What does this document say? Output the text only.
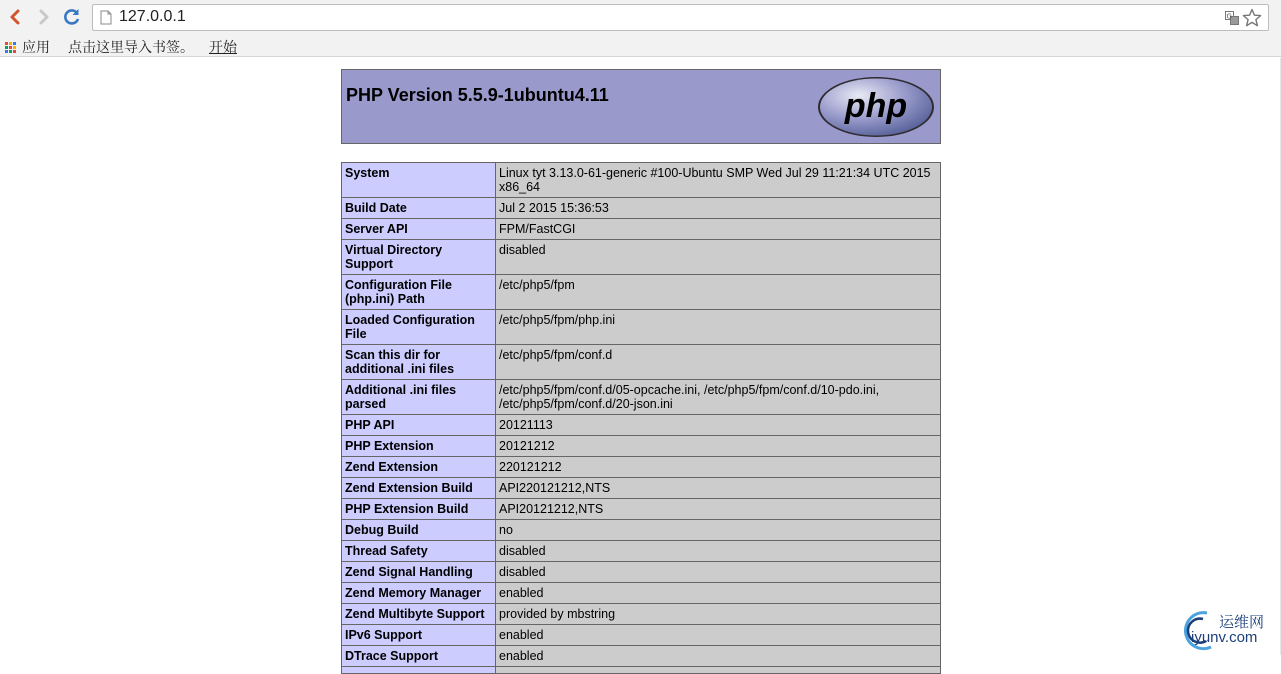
127.0.0.1	G
应用 点击这里导入书签。 开始
PHP Version 5.5.9-1ubuntu4.11	php
System	Linux tyt 3.13.0-61-generic #100-Ubuntu SMP Wed Jul 29 11:21:34 UTC 2015 x86_64
Build Date	Jul 2 2015 15:36:53
Server API	FPM/FastCGI
Virtual Directory Support	disabled
Configuration File (php.ini) Path	/etc/php5/fpm
Loaded Configuration File	/etc/php5/fpm/php.ini
Scan this dir for additional .ini files	/etc/php5/fpm/conf.d
Additional .ini files parsed	/etc/php5/fpm/conf.d/05-opcache.ini, /etc/php5/fpm/conf.d/10-pdo.ini, /etc/php5/fpm/conf.d/20-json.ini
PHP API	20121113
PHP Extension	20121212
Zend Extension	220121212
Zend Extension Build	API220121212,NTS
PHP Extension Build	API20121212,NTS
Debug Build	no
Thread Safety	disabled
Zend Signal Handling	disabled
Zend Memory Manager	enabled
Zend Multibyte Support	provided by mbstring
IPv6 Support	enabled
DTrace Support	enabled

运维网
iyunv.com
